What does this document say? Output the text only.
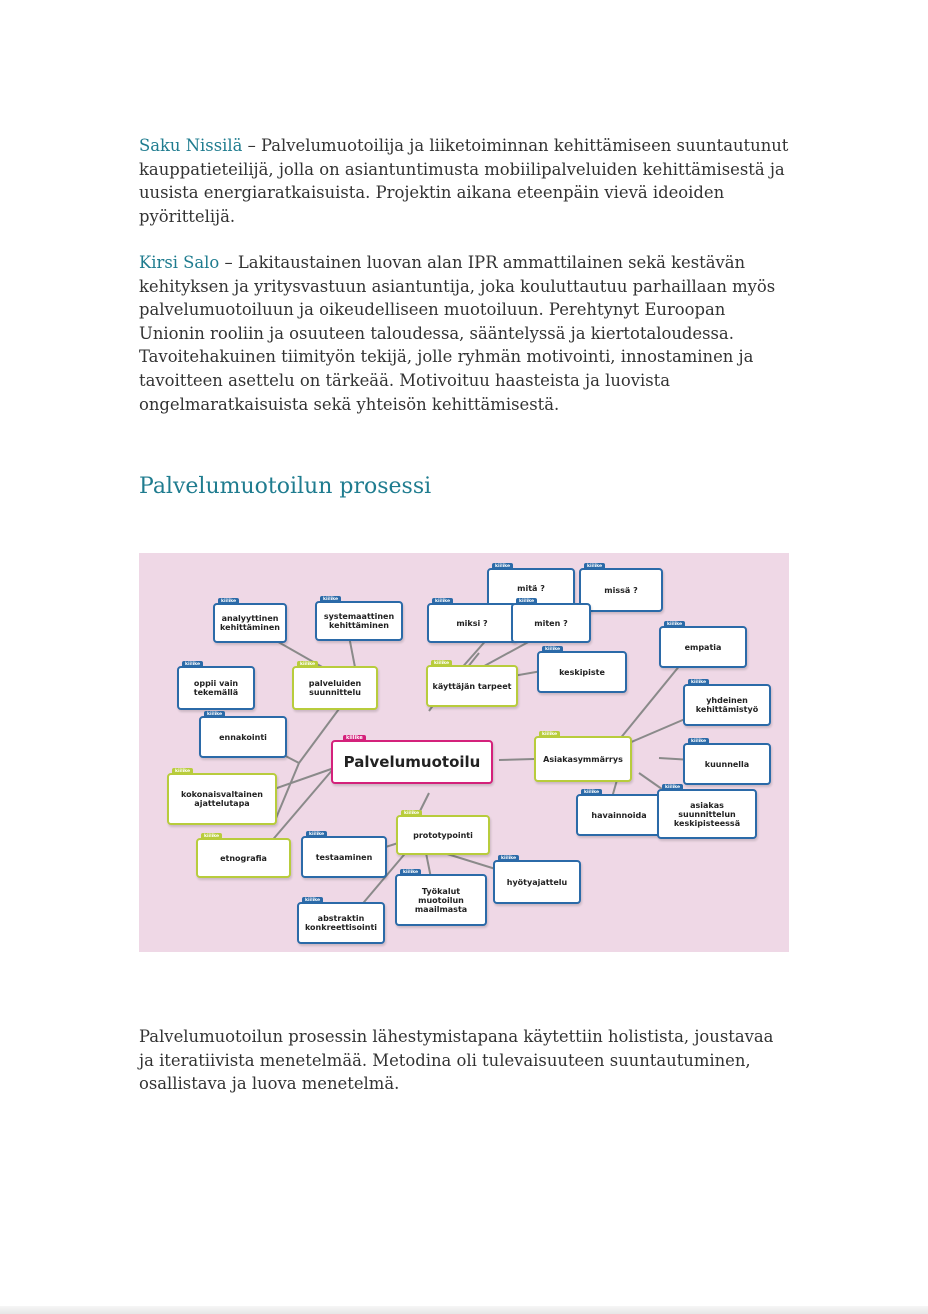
Saku Nissilä – Palvelumuotoilija ja liiketoiminnan kehittämiseen suuntautunut kauppatieteilijä, jolla on asiantuntimusta mobiilipalveluiden kehittämisestä ja uusista energiaratkaisuista. Projektin aikana eteenpäin vievä ideoiden pyörittelijä.

Kirsi Salo – Lakitaustainen luovan alan IPR ammattilainen sekä kestävän kehityksen ja yritysvastuun asiantuntija, joka kouluttautuu parhaillaan myös palvelumuotoiluun ja oikeudelliseen muotoiluun. Perehtynyt Euroopan Unionin rooliin ja osuuteen taloudessa, sääntelyssä ja kiertotaloudessa. Tavoitehakuinen tiimityön tekijä, jolle ryhmän motivointi, innostaminen ja tavoitteen asettelu on tärkeää. Motivoituu haasteista ja luovista ongelmaratkaisuista sekä yhteisön kehittämisestä.

Palvelumuotoilun prosessi
kiilike
analyyttinen kehittäminen
kiilike
systemaattinen kehittäminen
kiilike
oppii vain tekemällä
kiilike
palveluiden suunnittelu
kiilike
ennakointi
kiilike
kokonaisvaltainen ajattelutapa
kiilike
etnografia
kiilike
testaaminen
kiilike
prototypointi
kiilike
abstraktin konkreettisointi
kiilike
Työkalut muotoilun maailmasta
kiilike
hyötyajattelu
kiilike
mitä ?
kiilike
missä ?
kiilike
miksi ?
kiilike
miten ?
kiilike
käyttäjän tarpeet
kiilike
keskipiste
kiilike
empatia
kiilike
yhdeinen kehittämistyö
kiilike
Asiakasymmärrys
kiilike
kuunnella
kiilike
havainnoida
kiilike
asiakas suunnittelun keskipisteessä
kiilike
Palvelumuotoilu

Palvelumuotoilun prosessin lähestymistapana käytettiin holistista, joustavaa ja iteratiivista menetelmää. Metodina oli tulevaisuuteen suuntautuminen, osallistava ja luova menetelmä.
